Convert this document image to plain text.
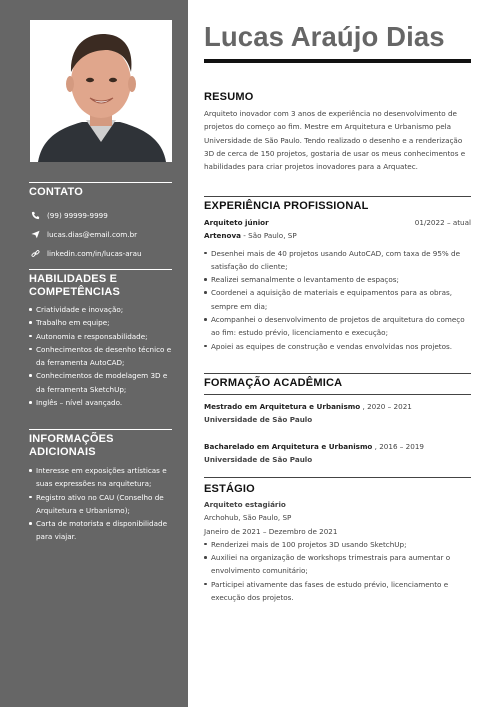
CONTATO
(99) 99999-9999
lucas.dias@email.com.br
linkedin.com/in/lucas-arau
HABILIDADES E
COMPETÊNCIAS
Criatividade e inovação;
Trabalho em equipe;
Autonomia e responsabilidade;
Conhecimentos de desenho técnico e da ferramenta AutoCAD;
Conhecimentos de modelagem 3D e da ferramenta SketchUp;
Inglês – nível avançado.
INFORMAÇÕES ADICIONAIS
Interesse em exposições artísticas e suas expressões na arquitetura;
Registro ativo no CAU (Conselho de Arquitetura e Urbanismo);
Carta de motorista e disponibilidade para viajar.
Lucas Araújo Dias
RESUMO
Arquiteto inovador com 3 anos de experiência no desenvolvimento de projetos do começo ao fim. Mestre em Arquitetura e Urbanismo pela Universidade de São Paulo. Tendo realizado o desenho e a renderização 3D de cerca de 150 projetos, gostaria de usar os meus conhecimentos e habilidades para criar projetos inovadores para a Arquatec.
EXPERIÊNCIA PROFISSIONAL
Arquiteto júnior	01/2022 – atual
Artenova - São Paulo, SP
Desenhei mais de 40 projetos usando AutoCAD, com taxa de 95% de satisfação do cliente;
Realizei semanalmente o levantamento de espaços;
Coordenei a aquisição de materiais e equipamentos para as obras, sempre em dia;
Acompanhei o desenvolvimento de projetos de arquitetura do começo ao fim: estudo prévio, licenciamento e execução;
Apoiei as equipes de construção e vendas envolvidas nos projetos.
FORMAÇÃO ACADÊMICA
Mestrado em Arquitetura e Urbanismo , 2020 – 2021
Universidade de São Paulo
Bacharelado em Arquitetura e Urbanismo , 2016 – 2019
Universidade de São Paulo
ESTÁGIO
Arquiteto estagiário
Archohub, São Paulo, SP
Janeiro de 2021 – Dezembro de 2021
Renderizei mais de 100 projetos 3D usando SketchUp;
Auxiliei na organização de workshops trimestrais para aumentar o envolvimento comunitário;
Participei ativamente das fases de estudo prévio, licenciamento e execução dos projetos.
